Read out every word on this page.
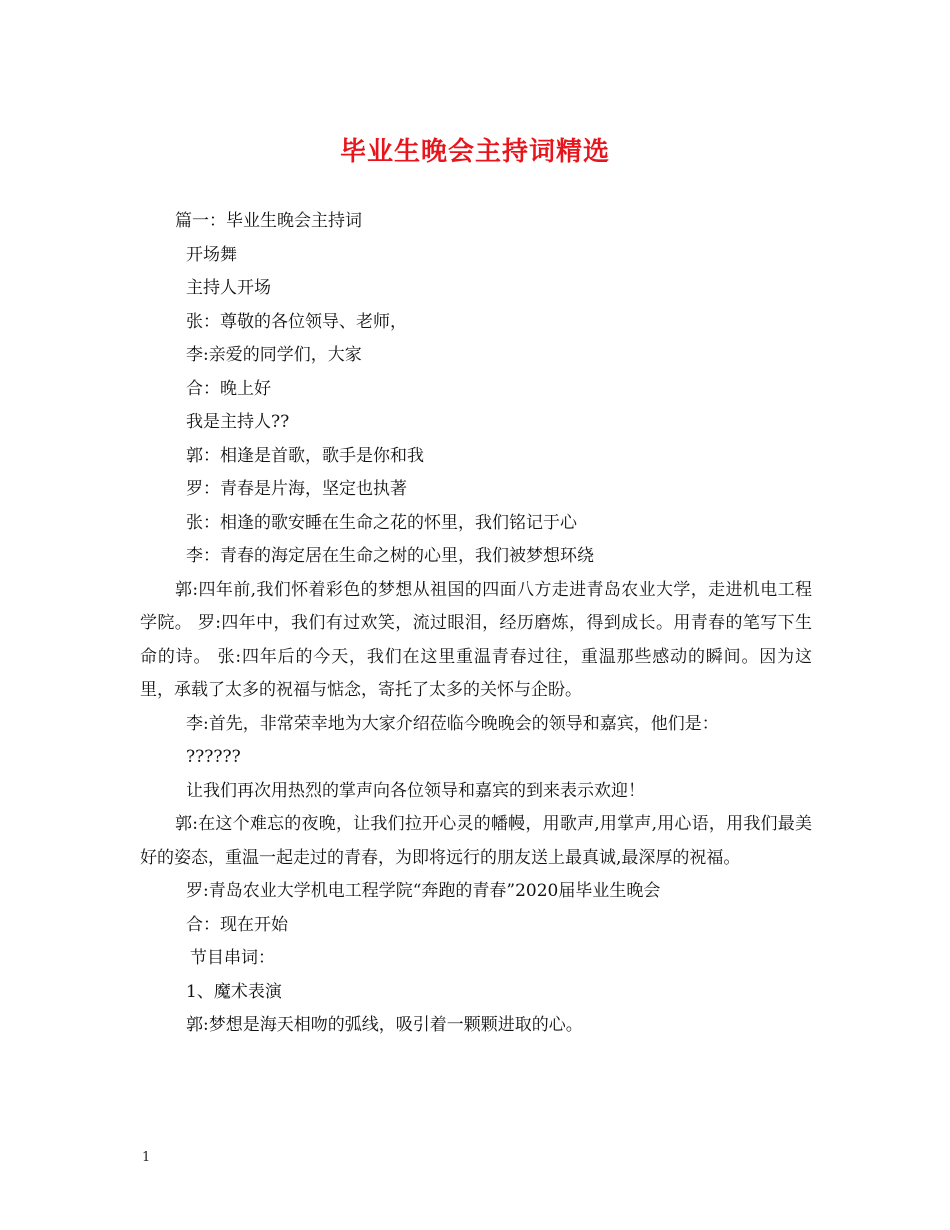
毕业生晚会主持词精选
篇一：毕业生晚会主持词
开场舞
主持人开场
张：尊敬的各位领导、老师，
李:亲爱的同学们，大家
合：晚上好
我是主持人??
郭：相逢是首歌，歌手是你和我
罗：青春是片海，坚定也执著
张：相逢的歌安睡在生命之花的怀里，我们铭记于心
李：青春的海定居在生命之树的心里，我们被梦想环绕
郭:四年前,我们怀着彩色的梦想从祖国的四面八方走进青岛农业大学，走进机电工程学院。 罗:四年中，我们有过欢笑，流过眼泪，经历磨炼，得到成长。用青春的笔写下生命的诗。 张:四年后的今天，我们在这里重温青春过往，重温那些感动的瞬间。因为这里，承载了太多的祝福与惦念，寄托了太多的关怀与企盼。
李:首先，非常荣幸地为大家介绍莅临今晚晚会的领导和嘉宾，他们是：
??????
让我们再次用热烈的掌声向各位领导和嘉宾的到来表示欢迎！
郭:在这个难忘的夜晚，让我们拉开心灵的幡幔，用歌声,用掌声,用心语，用我们最美好的姿态，重温一起走过的青春，为即将远行的朋友送上最真诚,最深厚的祝福。
罗:青岛农业大学机电工程学院“奔跑的青春”2020届毕业生晚会
合：现在开始
节目串词：
1、魔术表演
郭:梦想是海天相吻的弧线，吸引着一颗颗进取的心。
1
